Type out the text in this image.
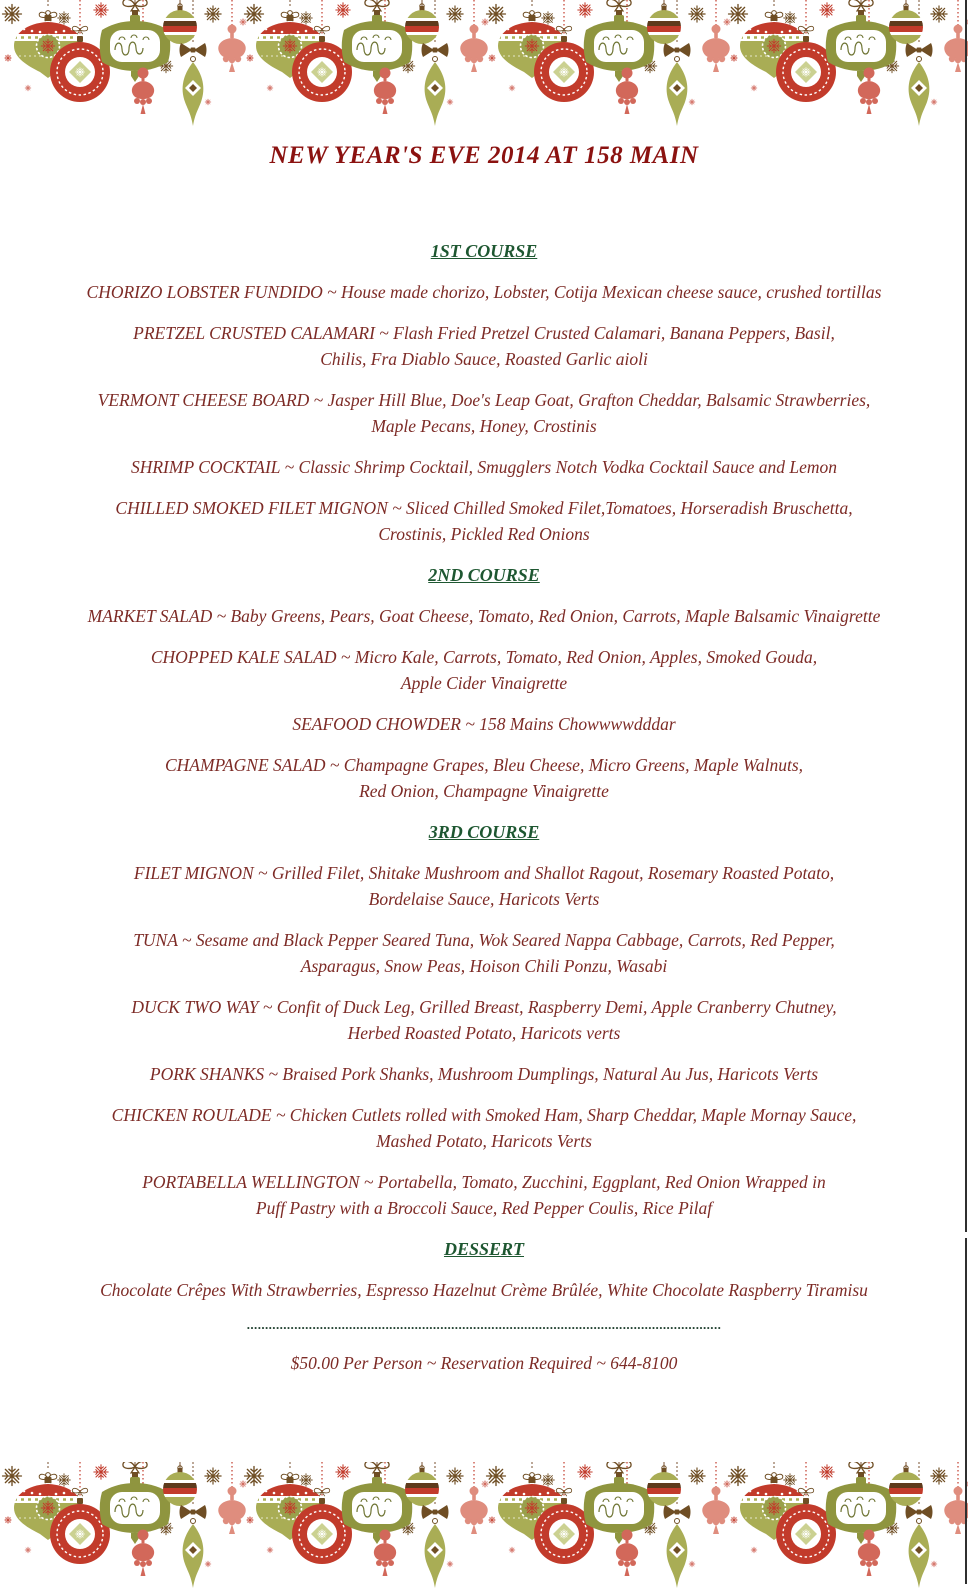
NEW YEAR'S EVE 2014 AT 158 MAIN
1ST COURSE
CHORIZO LOBSTER FUNDIDO ~ House made chorizo, Lobster, Cotija Mexican cheese sauce, crushed tortillas
PRETZEL CRUSTED CALAMARI ~ Flash Fried Pretzel Crusted Calamari, Banana Peppers, Basil,
Chilis, Fra Diablo Sauce, Roasted Garlic aioli
VERMONT CHEESE BOARD ~ Jasper Hill Blue, Doe's Leap Goat, Grafton Cheddar, Balsamic Strawberries,
Maple Pecans, Honey, Crostinis
SHRIMP COCKTAIL ~ Classic Shrimp Cocktail, Smugglers Notch Vodka Cocktail Sauce and Lemon
CHILLED SMOKED FILET MIGNON ~ Sliced Chilled Smoked Filet,Tomatoes, Horseradish Bruschetta,
Crostinis, Pickled Red Onions
2ND COURSE
MARKET SALAD ~ Baby Greens, Pears, Goat Cheese, Tomato, Red Onion, Carrots, Maple Balsamic Vinaigrette
CHOPPED KALE SALAD ~ Micro Kale, Carrots, Tomato, Red Onion, Apples, Smoked Gouda,
Apple Cider Vinaigrette
SEAFOOD CHOWDER ~ 158 Mains Chowwwwdddar
CHAMPAGNE SALAD ~ Champagne Grapes, Bleu Cheese, Micro Greens, Maple Walnuts,
Red Onion, Champagne Vinaigrette
3RD COURSE
FILET MIGNON ~ Grilled Filet, Shitake Mushroom and Shallot Ragout, Rosemary Roasted Potato,
Bordelaise Sauce, Haricots Verts
TUNA ~ Sesame and Black Pepper Seared Tuna, Wok Seared Nappa Cabbage, Carrots, Red Pepper,
Asparagus, Snow Peas, Hoison Chili Ponzu, Wasabi
DUCK TWO WAY ~ Confit of Duck Leg, Grilled Breast, Raspberry Demi, Apple Cranberry Chutney,
Herbed Roasted Potato, Haricots verts
PORK SHANKS ~ Braised Pork Shanks, Mushroom Dumplings, Natural Au Jus, Haricots Verts
CHICKEN ROULADE ~ Chicken Cutlets rolled with Smoked Ham, Sharp Cheddar, Maple Mornay Sauce,
Mashed Potato, Haricots Verts
PORTABELLA WELLINGTON ~ Portabella, Tomato, Zucchini, Eggplant, Red Onion Wrapped in
Puff Pastry with a Broccoli Sauce, Red Pepper Coulis, Rice Pilaf
DESSERT
Chocolate Crêpes With Strawberries, Espresso Hazelnut Crème Brûlée, White Chocolate Raspberry Tiramisu
..................................................................................................................................
$50.00 Per Person ~ Reservation Required ~ 644-8100
